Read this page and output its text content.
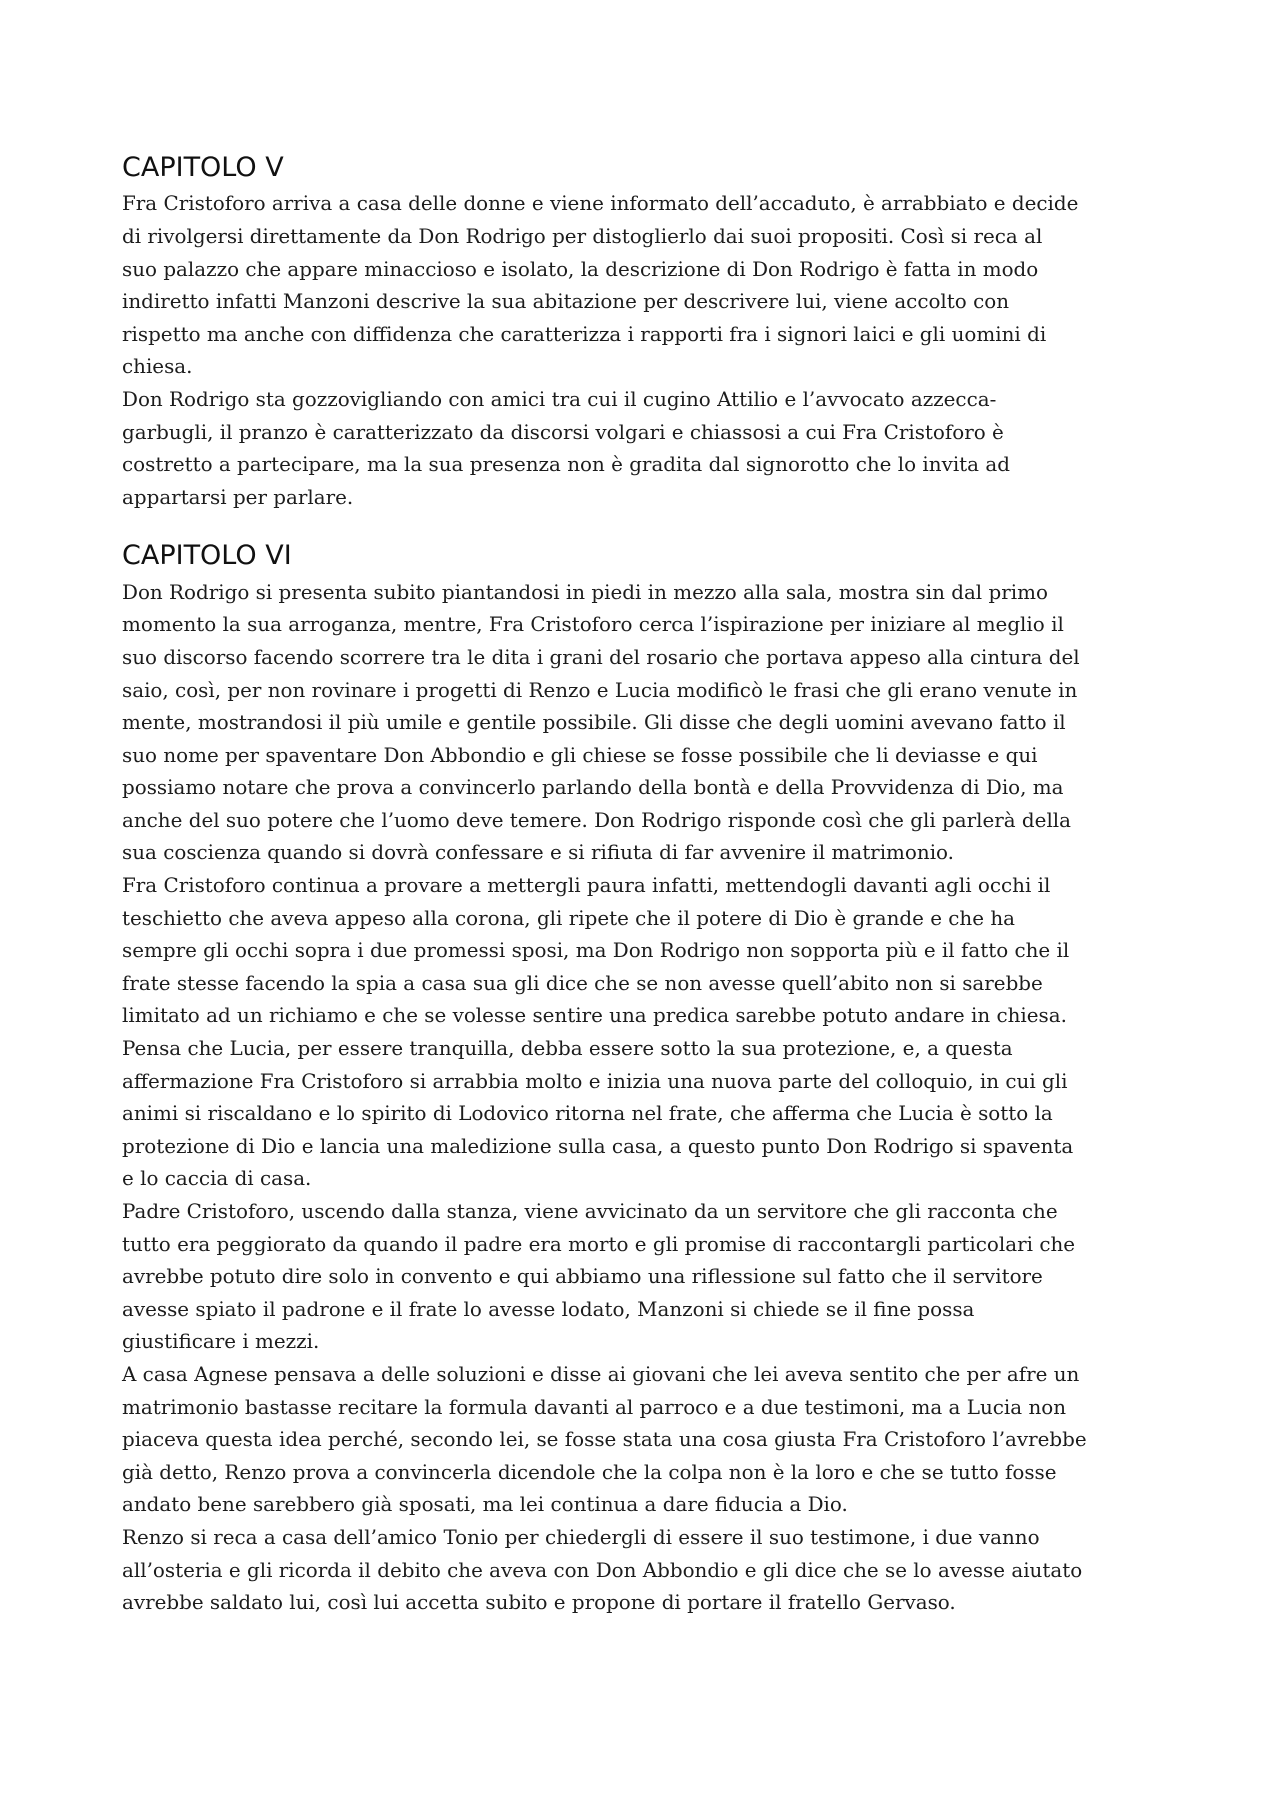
CAPITOLO V

Fra Cristoforo arriva a casa delle donne e viene informato dell’accaduto, è arrabbiato e decide
di rivolgersi direttamente da Don Rodrigo per distoglierlo dai suoi propositi. Così si reca al
suo palazzo che appare minaccioso e isolato, la descrizione di Don Rodrigo è fatta in modo
indiretto infatti Manzoni descrive la sua abitazione per descrivere lui, viene accolto con
rispetto ma anche con diffidenza che caratterizza i rapporti fra i signori laici e gli uomini di
chiesa.

Don Rodrigo sta gozzovigliando con amici tra cui il cugino Attilio e l’avvocato azzecca-
garbugli, il pranzo è caratterizzato da discorsi volgari e chiassosi a cui Fra Cristoforo è
costretto a partecipare, ma la sua presenza non è gradita dal signorotto che lo invita ad
appartarsi per parlare.

CAPITOLO VI

Don Rodrigo si presenta subito piantandosi in piedi in mezzo alla sala, mostra sin dal primo
momento la sua arroganza, mentre, Fra Cristoforo cerca l’ispirazione per iniziare al meglio il
suo discorso facendo scorrere tra le dita i grani del rosario che portava appeso alla cintura del
saio, così, per non rovinare i progetti di Renzo e Lucia modificò le frasi che gli erano venute in
mente, mostrandosi il più umile e gentile possibile. Gli disse che degli uomini avevano fatto il
suo nome per spaventare Don Abbondio e gli chiese se fosse possibile che li deviasse e qui
possiamo notare che prova a convincerlo parlando della bontà e della Provvidenza di Dio, ma
anche del suo potere che l’uomo deve temere. Don Rodrigo risponde così che gli parlerà della
sua coscienza quando si dovrà confessare e si rifiuta di far avvenire il matrimonio.

Fra Cristoforo continua a provare a mettergli paura infatti, mettendogli davanti agli occhi il
teschietto che aveva appeso alla corona, gli ripete che il potere di Dio è grande e che ha
sempre gli occhi sopra i due promessi sposi, ma Don Rodrigo non sopporta più e il fatto che il
frate stesse facendo la spia a casa sua gli dice che se non avesse quell’abito non si sarebbe
limitato ad un richiamo e che se volesse sentire una predica sarebbe potuto andare in chiesa.
Pensa che Lucia, per essere tranquilla, debba essere sotto la sua protezione, e, a questa
affermazione Fra Cristoforo si arrabbia molto e inizia una nuova parte del colloquio, in cui gli
animi si riscaldano e lo spirito di Lodovico ritorna nel frate, che afferma che Lucia è sotto la
protezione di Dio e lancia una maledizione sulla casa, a questo punto Don Rodrigo si spaventa
e lo caccia di casa.

Padre Cristoforo, uscendo dalla stanza, viene avvicinato da un servitore che gli racconta che
tutto era peggiorato da quando il padre era morto e gli promise di raccontargli particolari che
avrebbe potuto dire solo in convento e qui abbiamo una riflessione sul fatto che il servitore
avesse spiato il padrone e il frate lo avesse lodato, Manzoni si chiede se il fine possa
giustificare i mezzi.

A casa Agnese pensava a delle soluzioni e disse ai giovani che lei aveva sentito che per afre un
matrimonio bastasse recitare la formula davanti al parroco e a due testimoni, ma a Lucia non
piaceva questa idea perché, secondo lei, se fosse stata una cosa giusta Fra Cristoforo l’avrebbe
già detto, Renzo prova a convincerla dicendole che la colpa non è la loro e che se tutto fosse
andato bene sarebbero già sposati, ma lei continua a dare fiducia a Dio.

Renzo si reca a casa dell’amico Tonio per chiedergli di essere il suo testimone, i due vanno
all’osteria e gli ricorda il debito che aveva con Don Abbondio e gli dice che se lo avesse aiutato
avrebbe saldato lui, così lui accetta subito e propone di portare il fratello Gervaso.
